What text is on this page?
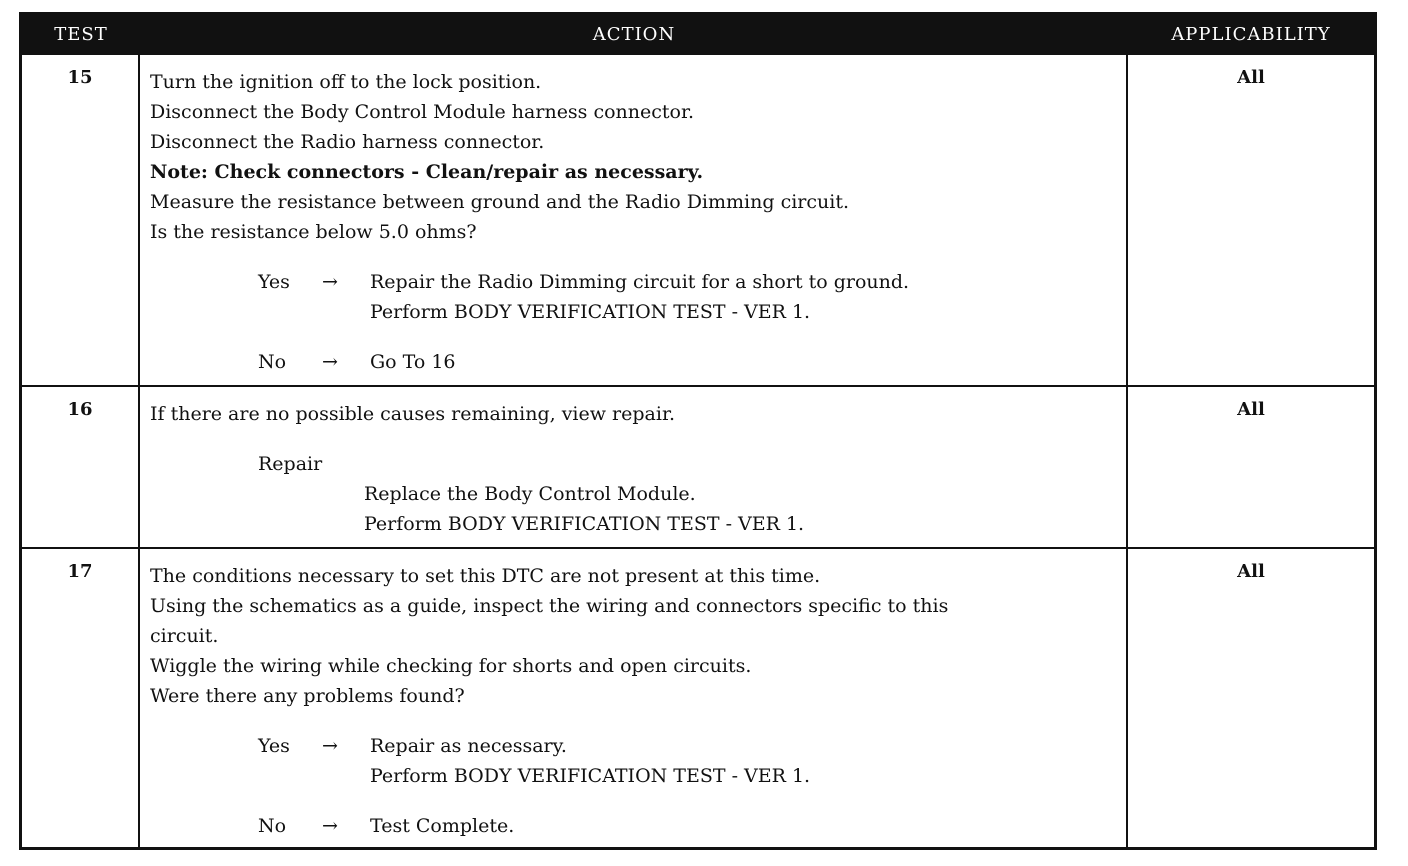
TEST	ACTION	APPLICABILITY
15	Turn the ignition off to the lock position.
Disconnect the Body Control Module harness connector.
Disconnect the Radio harness connector.
Note: Check connectors - Clean/repair as necessary.
Measure the resistance between ground and the Radio Dimming circuit.
Is the resistance below 5.0 ohms?
Yes → Repair the Radio Dimming circuit for a short to ground.
Perform BODY VERIFICATION TEST - VER 1.
No → Go To 16
All
16	If there are no possible causes remaining, view repair.
Repair
Replace the Body Control Module.
Perform BODY VERIFICATION TEST - VER 1.
All
17	The conditions necessary to set this DTC are not present at this time.
Using the schematics as a guide, inspect the wiring and connectors specific to this
circuit.
Wiggle the wiring while checking for shorts and open circuits.
Were there any problems found?
Yes → Repair as necessary.
Perform BODY VERIFICATION TEST - VER 1.
No → Test Complete.
All
